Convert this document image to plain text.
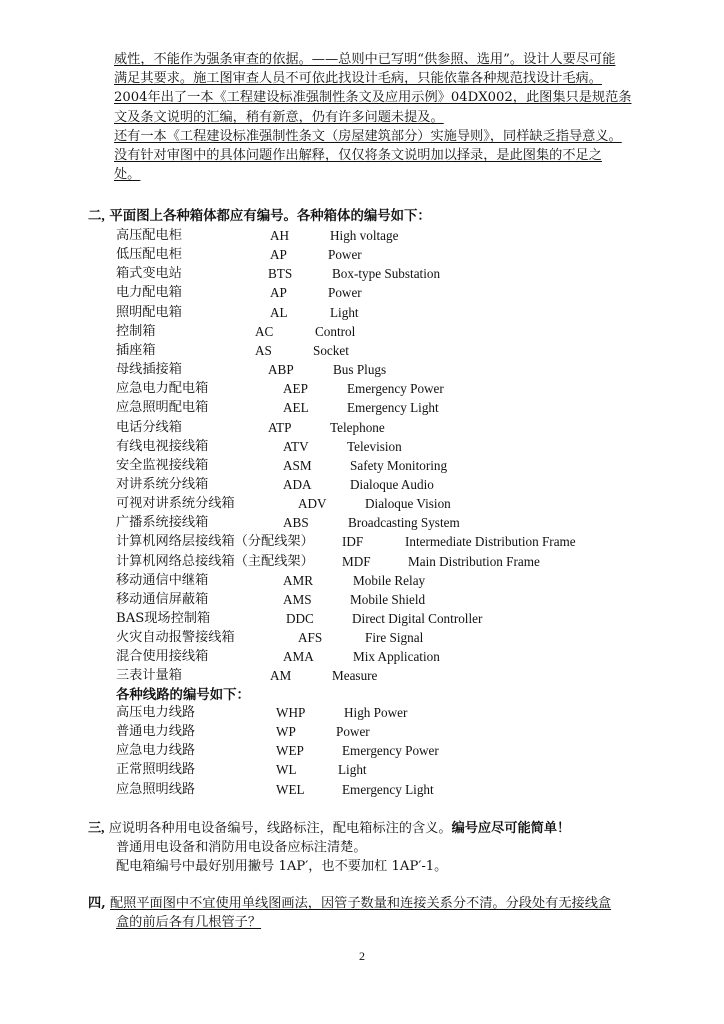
威性，不能作为强条审查的依据。——总则中已写明“供参照、选用”。设计人要尽可能
满足其要求。施工图审查人员不可依此找设计毛病，只能依靠各种规范找设计毛病。
2004年出了一本《工程建设标准强制性条文及应用示例》04DX002，此图集只是规范条
文及条文说明的汇编，稍有新意，仍有许多问题未提及。
还有一本《工程建设标准强制性条文（房屋建筑部分）实施导则》，同样缺乏指导意义。
没有针对审图中的具体问题作出解释，仅仅将条文说明加以择录，是此图集的不足之
处。
二, 平面图上各种箱体都应有编号。各种箱体的编号如下：
高压配电柜	AH	High voltage
低压配电柜	AP	Power
箱式变电站	BTS	Box-type Substation
电力配电箱	AP	Power
照明配电箱	AL	Light
控制箱	AC	Control
插座箱	AS	Socket
母线插接箱	ABP	Bus Plugs
应急电力配电箱	AEP	Emergency Power
应急照明配电箱	AEL	Emergency Light
电话分线箱	ATP	Telephone
有线电视接线箱	ATV	Television
安全监视接线箱	ASM	Safety Monitoring
对讲系统分线箱	ADA	Dialoque Audio
可视对讲系统分线箱	ADV	Dialoque Vision
广播系统接线箱	ABS	Broadcasting System
计算机网络层接线箱（分配线架） IDF	Intermediate Distribution Frame
计算机网络总接线箱（主配线架） MDF	Main Distribution Frame
移动通信中继箱	AMR	Mobile Relay
移动通信屏蔽箱	AMS	Mobile Shield
BAS现场控制箱	DDC	Direct Digital Controller
火灾自动报警接线箱	AFS	Fire Signal
混合使用接线箱	AMA	Mix Application
三表计量箱	AM	Measure
各种线路的编号如下：
高压电力线路	WHP	High Power
普通电力线路	WP	Power
应急电力线路	WEP	Emergency Power
正常照明线路	WL	Light
应急照明线路	WEL	Emergency Light
三, 应说明各种用电设备编号，线路标注，配电箱标注的含义。编号应尽可能简单！
普通用电设备和消防用电设备应标注清楚。
配电箱编号中最好别用撇号 1AP′，也不要加杠 1AP′-1。
四, 配照平面图中不宜使用单线图画法，因管子数量和连接关系分不清。分段处有无接线盒
盒的前后各有几根管子？
2
